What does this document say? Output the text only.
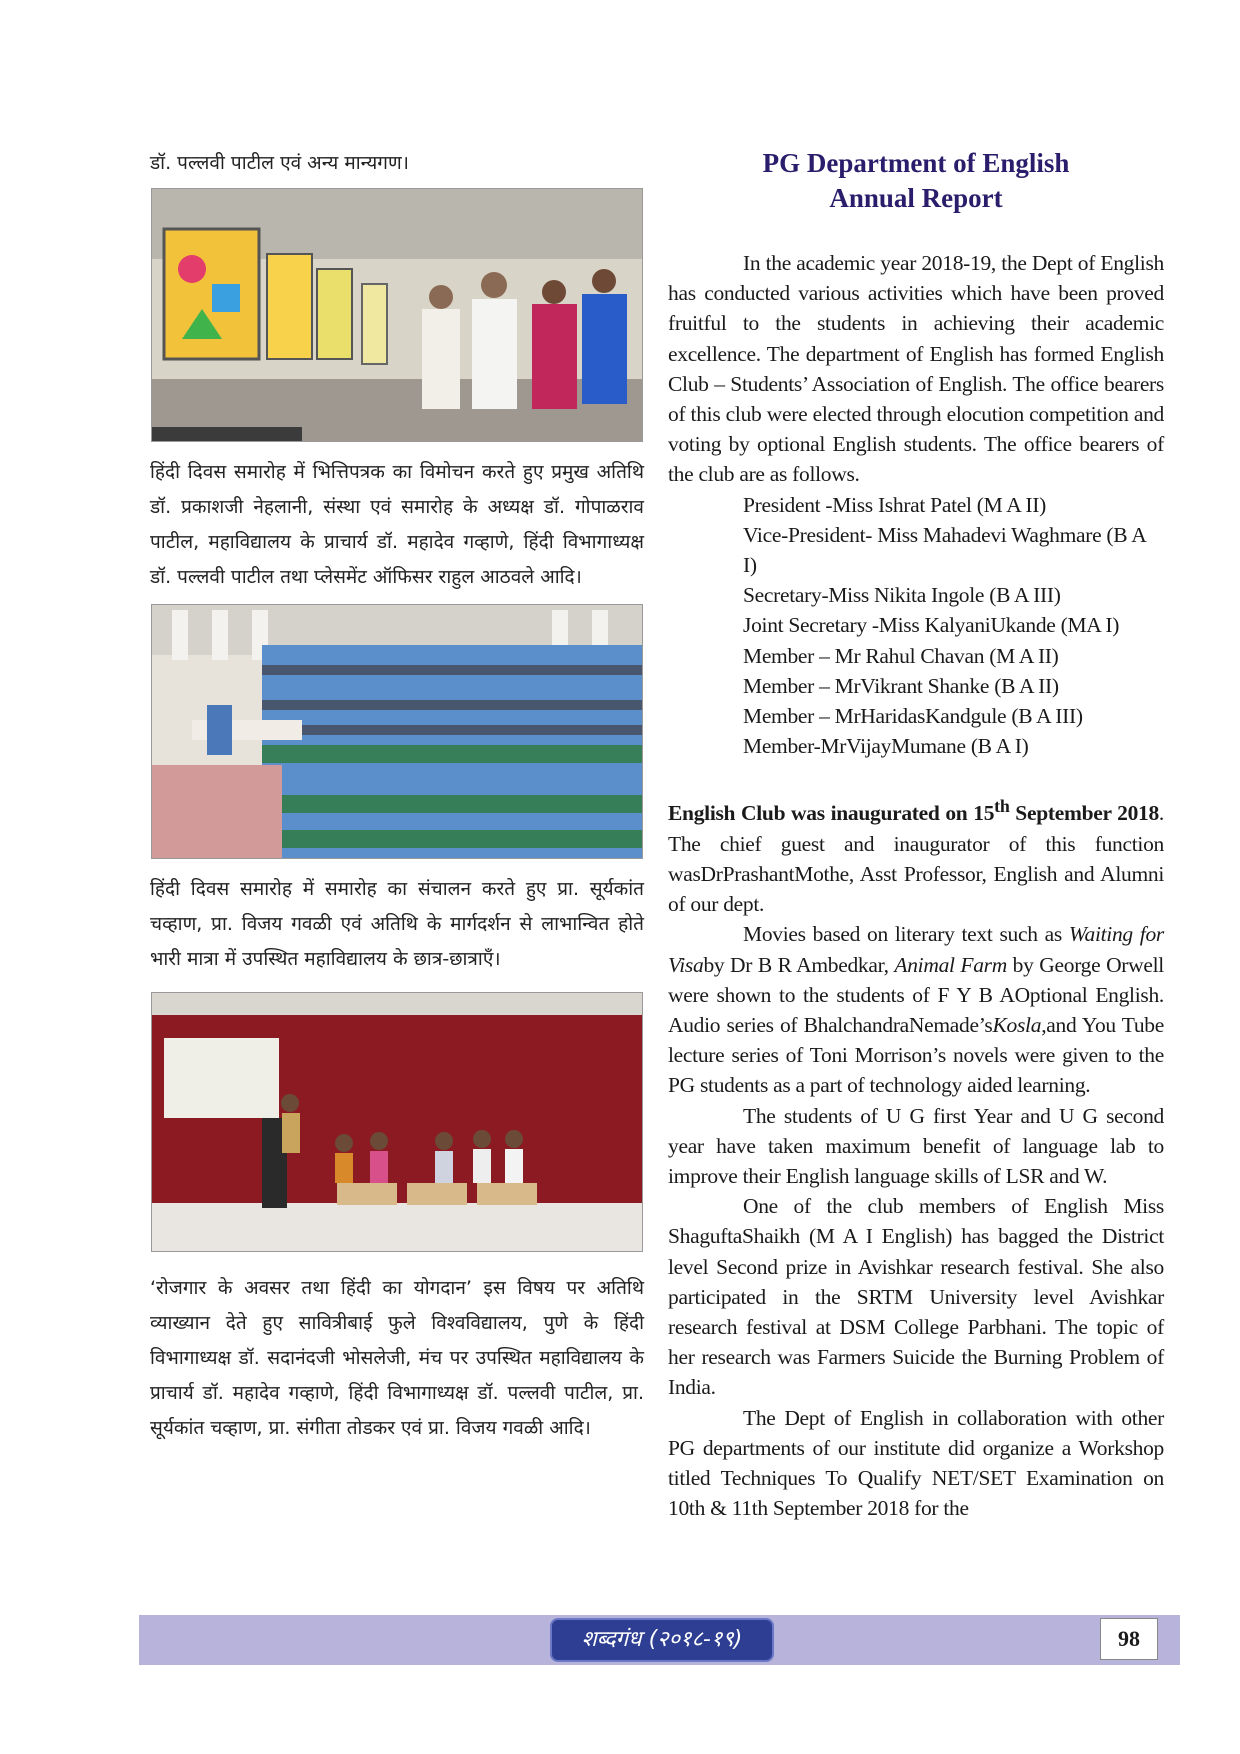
डॉ. पल्लवी पाटील एवं अन्य मान्यगण।

हिंदी दिवस समारोह में भित्तिपत्रक का विमोचन करते हुए प्रमुख अतिथि डॉ. प्रकाशजी नेहलानी, संस्था एवं समारोह के अध्यक्ष डॉ. गोपाळराव पाटील, महाविद्यालय के प्राचार्य डॉ. महादेव गव्हाणे, हिंदी विभागाध्यक्ष डॉ. पल्लवी पाटील तथा प्लेसमेंट ऑफिसर राहुल आठवले आदि।

हिंदी दिवस समारोह में समारोह का संचालन करते हुए प्रा. सूर्यकांत चव्हाण, प्रा. विजय गवळी एवं अतिथि के मार्गदर्शन से लाभान्वित होते भारी मात्रा में उपस्थित महाविद्यालय के छात्र-छात्राएँ।

‘रोजगार के अवसर तथा हिंदी का योगदान’ इस विषय पर अतिथि व्याख्यान देते हुए सावित्रीबाई फुले विश्वविद्यालय, पुणे के हिंदी विभागाध्यक्ष डॉ. सदानंदजी भोसलेजी, मंच पर उपस्थित महाविद्यालय के प्राचार्य डॉ. महादेव गव्हाणे, हिंदी विभागाध्यक्ष डॉ. पल्लवी पाटील, प्रा. सूर्यकांत चव्हाण, प्रा. संगीता तोडकर एवं प्रा. विजय गवळी आदि।

PG Department of English
Annual Report

In the academic year 2018-19, the Dept of English has conducted various activities which have been proved fruitful to the students in achieving their academic excellence. The department of English has formed English Club – Students’ Association of English. The office bearers of this club were elected through elocution competition and voting by optional English students. The office bearers of the club are as follows.

President -Miss Ishrat Patel (M A II)
Vice-President- Miss Mahadevi Waghmare (B A I)
Secretary-Miss Nikita Ingole (B A III)
Joint Secretary -Miss KalyaniUkande (MA I)
Member – Mr Rahul Chavan (M A II)
Member – MrVikrant Shanke (B A II)
Member – MrHaridasKandgule (B A III)
Member-MrVijayMumane (B A I)

English Club was inaugurated on 15th September 2018. The chief guest and inaugurator of this function wasDrPrashantMothe, Asst Professor, English and Alumni of our dept.

Movies based on literary text such as Waiting for Visaby Dr B R Ambedkar, Animal Farm by George Orwell were shown to the students of F Y B AOptional English. Audio series of BhalchandraNemade’sKosla,and You Tube lecture series of Toni Morrison’s novels were given to the PG students as a part of technology aided learning.

The students of U G first Year and U G second year have taken maximum benefit of language lab to improve their English language skills of LSR and W.

One of the club members of English Miss ShaguftaShaikh (M A I English) has bagged the District level Second prize in Avishkar research festival. She also participated in the SRTM University level Avishkar research festival at DSM College Parbhani. The topic of her research was Farmers Suicide the Burning Problem of India.

The Dept of English in collaboration with other PG departments of our institute did organize a Workshop titled Techniques To Qualify NET/SET Examination on 10th & 11th September 2018 for the

शब्दगंध (२०१८-१९)	98
